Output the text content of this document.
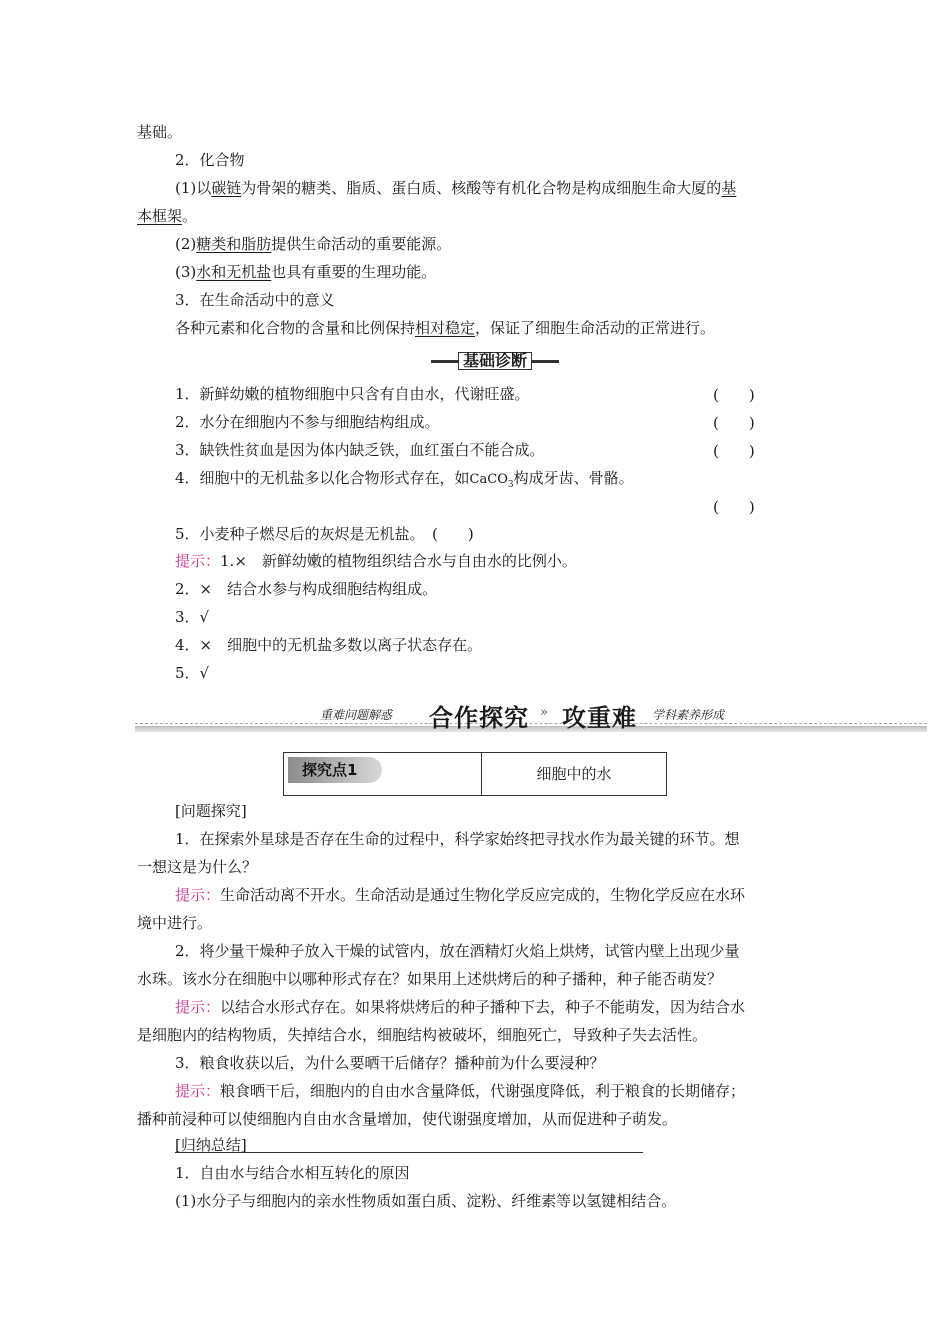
基础。
2．化合物
(1)以碳链为骨架的糖类、脂质、蛋白质、核酸等有机化合物是构成细胞生命大厦的基
本框架。
(2)糖类和脂肪提供生命活动的重要能源。
(3)水和无机盐也具有重要的生理功能。
3．在生命活动中的意义
各种元素和化合物的含量和比例保持相对稳定，保证了细胞生命活动的正常进行。
基础诊断
1．新鲜幼嫩的植物细胞中只含有自由水，代谢旺盛。	(　　)
2．水分在细胞内不参与细胞结构组成。	(　　)
3．缺铁性贫血是因为体内缺乏铁，血红蛋白不能合成。	(　　)
4．细胞中的无机盐多以化合物形式存在，如CaCO$_3$构成牙齿、骨骼。
(　　)
5．小麦种子燃尽后的灰烬是无机盐。　(　　)
提示：1.×　新鲜幼嫩的植物组织结合水与自由水的比例小。
2．×　结合水参与构成细胞结构组成。
3．√
4．×　细胞中的无机盐多数以离子状态存在。
5．√
重难问题解惑 合作探究 » 攻重难 学科素养形成
探究点1	细胞中的水
[问题探究]
1．在探索外星球是否存在生命的过程中，科学家始终把寻找水作为最关键的环节。想
一想这是为什么？
提示：生命活动离不开水。生命活动是通过生物化学反应完成的，生物化学反应在水环
境中进行。
2．将少量干燥种子放入干燥的试管内，放在酒精灯火焰上烘烤，试管内壁上出现少量
水珠。该水分在细胞中以哪种形式存在？如果用上述烘烤后的种子播种，种子能否萌发？
提示：以结合水形式存在。如果将烘烤后的种子播种下去，种子不能萌发，因为结合水
是细胞内的结构物质，失掉结合水，细胞结构被破坏，细胞死亡，导致种子失去活性。
3．粮食收获以后，为什么要晒干后储存？播种前为什么要浸种？
提示：粮食晒干后，细胞内的自由水含量降低，代谢强度降低，利于粮食的长期储存；
播种前浸种可以使细胞内自由水含量增加，使代谢强度增加，从而促进种子萌发。
[归纳总结]
1．自由水与结合水相互转化的原因
(1)水分子与细胞内的亲水性物质如蛋白质、淀粉、纤维素等以氢键相结合。
